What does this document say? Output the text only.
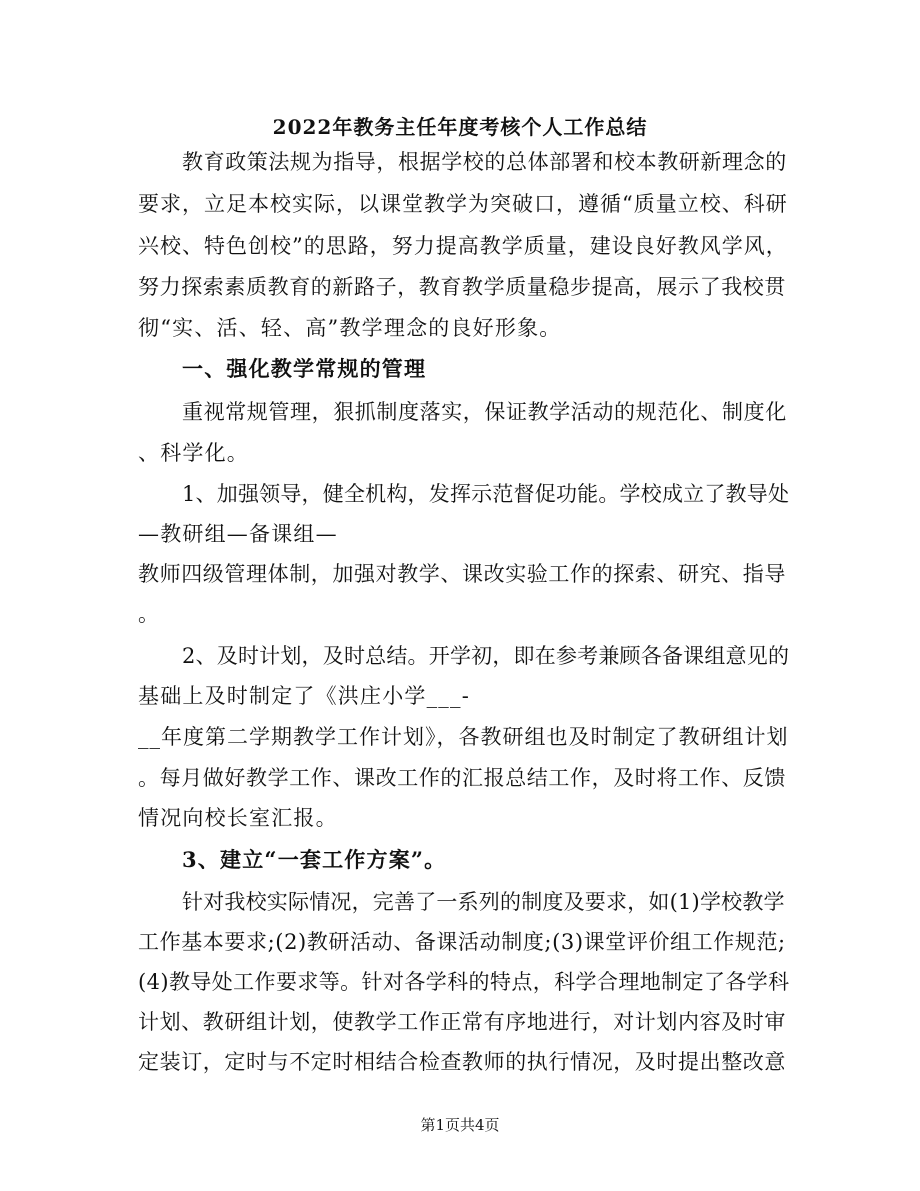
2022年教务主任年度考核个人工作总结
教育政策法规为指导，根据学校的总体部署和校本教研新理念的
要求，立足本校实际，以课堂教学为突破口，遵循“质量立校、科研
兴校、特色创校”的思路，努力提高教学质量，建设良好教风学风，
努力探索素质教育的新路子，教育教学质量稳步提高，展示了我校贯
彻“实、活、轻、高”教学理念的良好形象。
一、强化教学常规的管理
重视常规管理，狠抓制度落实，保证教学活动的规范化、制度化
、科学化。
1、加强领导，健全机构，发挥示范督促功能。学校成立了教导处
—教研组—备课组—
教师四级管理体制，加强对教学、课改实验工作的探索、研究、指导
。
2、及时计划，及时总结。开学初，即在参考兼顾各备课组意见的
基础上及时制定了《洪庄小学___-
__年度第二学期教学工作计划》，各教研组也及时制定了教研组计划
。每月做好教学工作、课改工作的汇报总结工作，及时将工作、反馈
情况向校长室汇报。
3、建立“一套工作方案”。
针对我校实际情况，完善了一系列的制度及要求，如(1)学校教学
工作基本要求;(2)教研活动、备课活动制度;(3)课堂评价组工作规范;
(4)教导处工作要求等。针对各学科的特点，科学合理地制定了各学科
计划、教研组计划，使教学工作正常有序地进行，对计划内容及时审
定装订，定时与不定时相结合检查教师的执行情况，及时提出整改意
第1页共4页
